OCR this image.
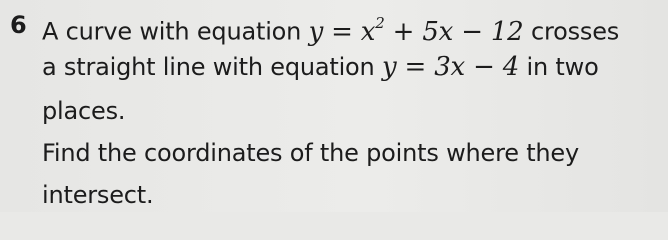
6 A curve with equation $y = x^2 + 5x - 12$ crosses
a straight line with equation y = 3x − 4 in two
places.
Find the coordinates of the points where they
intersect.
